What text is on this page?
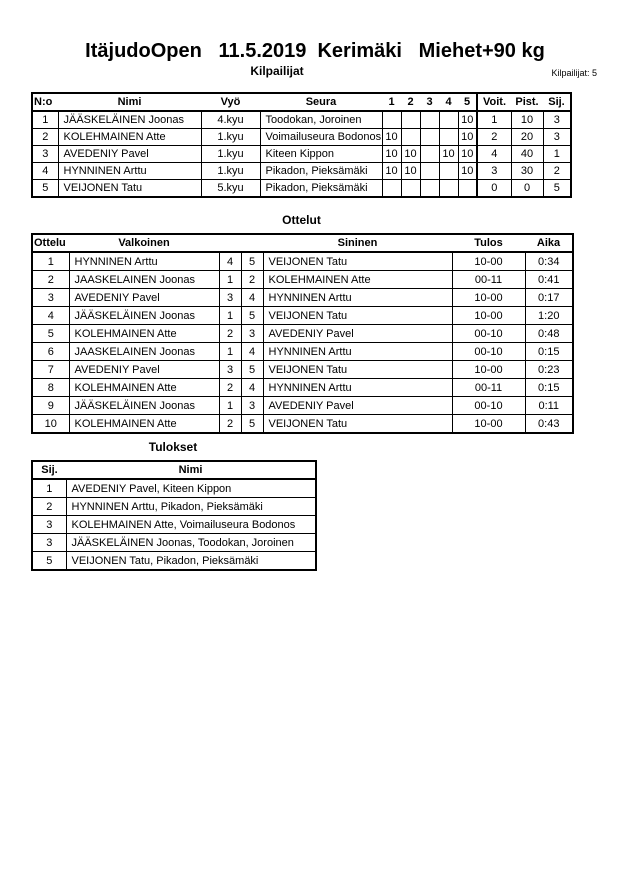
ItäjudoOpen   11.5.2019  Kerimäki   Miehet+90 kg
Kilpailijat	Kilpailijat: 5
N:o	Nimi	Vyö	Seura	1	2	3	4	5	Voit.	Pist.	Sij.
1	JÄÄSKELÄINEN Joonas	4.kyu	Toodokan, Joroinen					10	1	10	3
2	KOLEHMAINEN Atte	1.kyu	Voimailuseura Bodonos	10				10	2	20	3
3	AVEDENIY Pavel	1.kyu	Kiteen Kippon	10	10		10	10	4	40	1
4	HYNNINEN Arttu	1.kyu	Pikadon, Pieksämäki	10	10			10	3	30	2
5	VEIJONEN Tatu	5.kyu	Pikadon, Pieksämäki						0	0	5
Ottelut
Ottelu	Valkoinen			Sininen	Tulos	Aika
1	HYNNINEN Arttu	4	5	VEIJONEN Tatu	10-00	0:34
2	JAASKELAINEN Joonas	1	2	KOLEHMAINEN Atte	00-11	0:41
3	AVEDENIY Pavel	3	4	HYNNINEN Arttu	10-00	0:17
4	JÄÄSKELÄINEN Joonas	1	5	VEIJONEN Tatu	10-00	1:20
5	KOLEHMAINEN Atte	2	3	AVEDENIY Pavel	00-10	0:48
6	JAASKELAINEN Joonas	1	4	HYNNINEN Arttu	00-10	0:15
7	AVEDENIY Pavel	3	5	VEIJONEN Tatu	10-00	0:23
8	KOLEHMAINEN Atte	2	4	HYNNINEN Arttu	00-11	0:15
9	JÄÄSKELÄINEN Joonas	1	3	AVEDENIY Pavel	00-10	0:11
10	KOLEHMAINEN Atte	2	5	VEIJONEN Tatu	10-00	0:43
Tulokset
Sij.	Nimi
1	AVEDENIY Pavel, Kiteen Kippon
2	HYNNINEN Arttu, Pikadon, Pieksämäki
3	KOLEHMAINEN Atte, Voimailuseura Bodonos
3	JÄÄSKELÄINEN Joonas, Toodokan, Joroinen
5	VEIJONEN Tatu, Pikadon, Pieksämäki
